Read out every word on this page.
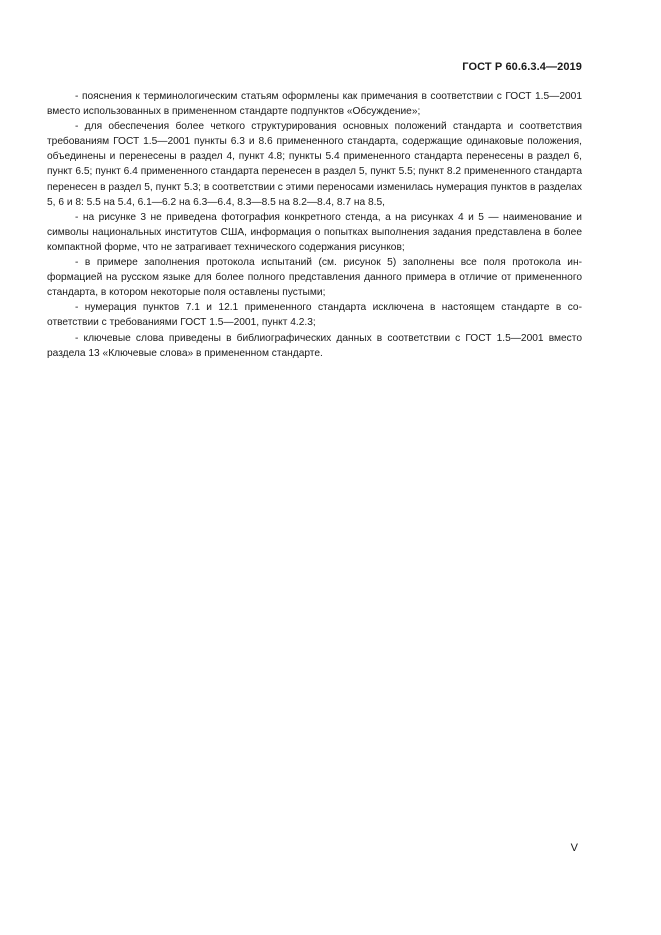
ГОСТ Р 60.6.3.4—2019

- пояснения к терминологическим статьям оформлены как примечания в соответствии с ГОСТ 1.5—2001 вместо использованных в примененном стандарте подпунктов «Обсуждение»;

- для обеспечения более четкого структурирования основных положений стандарта и соответствия требованиям ГОСТ 1.5—2001 пункты 6.3 и 8.6 примененного стандарта, содержащие одинаковые положения, объединены и перенесены в раздел 4, пункт 4.8; пункты 5.4 примененного стандарта перенесены в раздел 6, пункт 6.5; пункт 6.4 примененного стандарта перенесен в раздел 5, пункт 5.5; пункт 8.2 примененного стандарта перенесен в раздел 5, пункт 5.3; в соответствии с этими переносами изменилась нумерация пунктов в разделах 5, 6 и 8: 5.5 на 5.4, 6.1—6.2 на 6.3—6.4, 8.3—8.5 на 8.2—8.4, 8.7 на 8.5,

- на рисунке 3 не приведена фотография конкретного стенда, а на рисунках 4 и 5 — наименование и символы национальных институтов США, информация о попытках выполнения задания представлена в более компактной форме, что не затрагивает технического содержания рисунков;

- в примере заполнения протокола испытаний (см. рисунок 5) заполнены все поля протокола информацией на русском языке для более полного представления данного примера в отличие от примененного стандарта, в котором некоторые поля оставлены пустыми;

- нумерация пунктов 7.1 и 12.1 примененного стандарта исключена в настоящем стандарте в соответствии с требованиями ГОСТ 1.5—2001, пункт 4.2.3;

- ключевые слова приведены в библиографических данных в соответствии с ГОСТ 1.5—2001 вместо раздела 13 «Ключевые слова» в примененном стандарте.

V
